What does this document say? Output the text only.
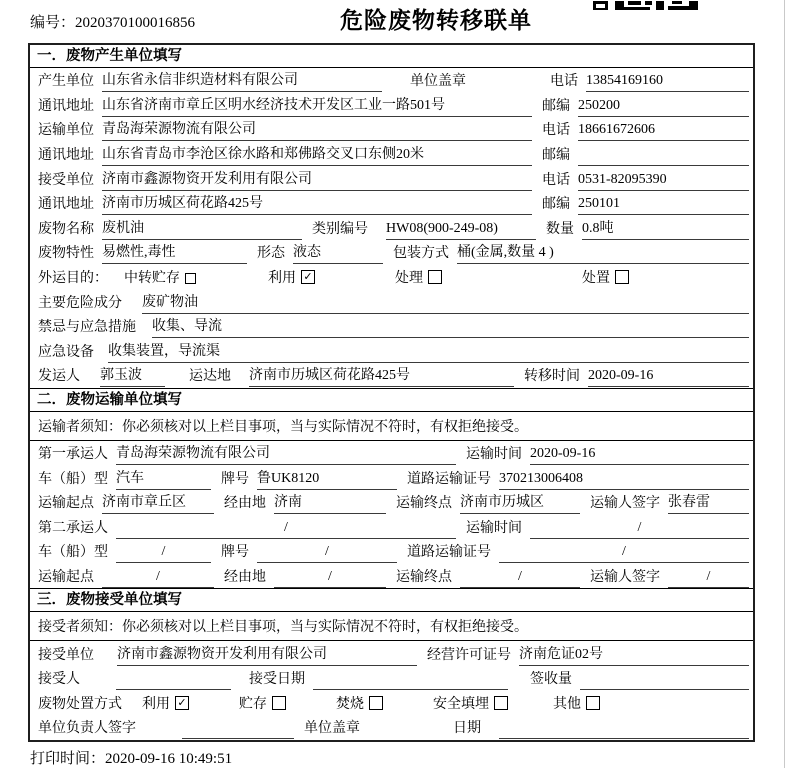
编号：2020370100016856	危险废物转移联单
一．废物产生单位填写
产生单位 山东省永信非织造材料有限公司	单位盖章	电话 13854169160
通讯地址 山东省济南市章丘区明水经济技术开发区工业一路501号	邮编 250200
运输单位 青岛海荣源物流有限公司	电话 18661672606
通讯地址 山东省青岛市李沧区徐水路和郑佛路交叉口东侧20米	邮编
接受单位 济南市鑫源物资开发利用有限公司	电话 0531-82095390
通讯地址 济南市历城区荷花路425号	邮编 250101
废物名称 废机油	类别编号 HW08(900-249-08)	数量 0.8吨
废物特性 易燃性,毒性	形态 液态	包装方式 桶(金属,数量 4 )
外运目的： 中转贮存	利用 ✓	处理	处置
主要危险成分 废矿物油
禁忌与应急措施 收集、导流
应急设备 收集装置，导流渠
发运人 郭玉波	运达地 济南市历城区荷花路425号	转移时间 2020-09-16
二．废物运输单位填写
运输者须知：你必须核对以上栏目事项，当与实际情况不符时，有权拒绝接受。
第一承运人 青岛海荣源物流有限公司	运输时间 2020-09-16
车（船）型 汽车	牌号 鲁UK8120	道路运输证号 370213006408
运输起点 济南市章丘区	经由地 济南	运输终点 济南市历城区	运输人签字 张春雷
第二承运人	/	运输时间	/
车（船）型	/	牌号	/	道路运输证号	/
运输起点	/	经由地	/	运输终点	/	运输人签字	/
三．废物接受单位填写
接受者须知：你必须核对以上栏目事项，当与实际情况不符时，有权拒绝接受。
接受单位 济南市鑫源物资开发利用有限公司	经营许可证号 济南危证02号
接受人	接受日期	签收量
废物处置方式 利用 ✓	贮存	焚烧	安全填埋	其他
单位负责人签字	单位盖章	日期
打印时间：2020-09-16 10:49:51
